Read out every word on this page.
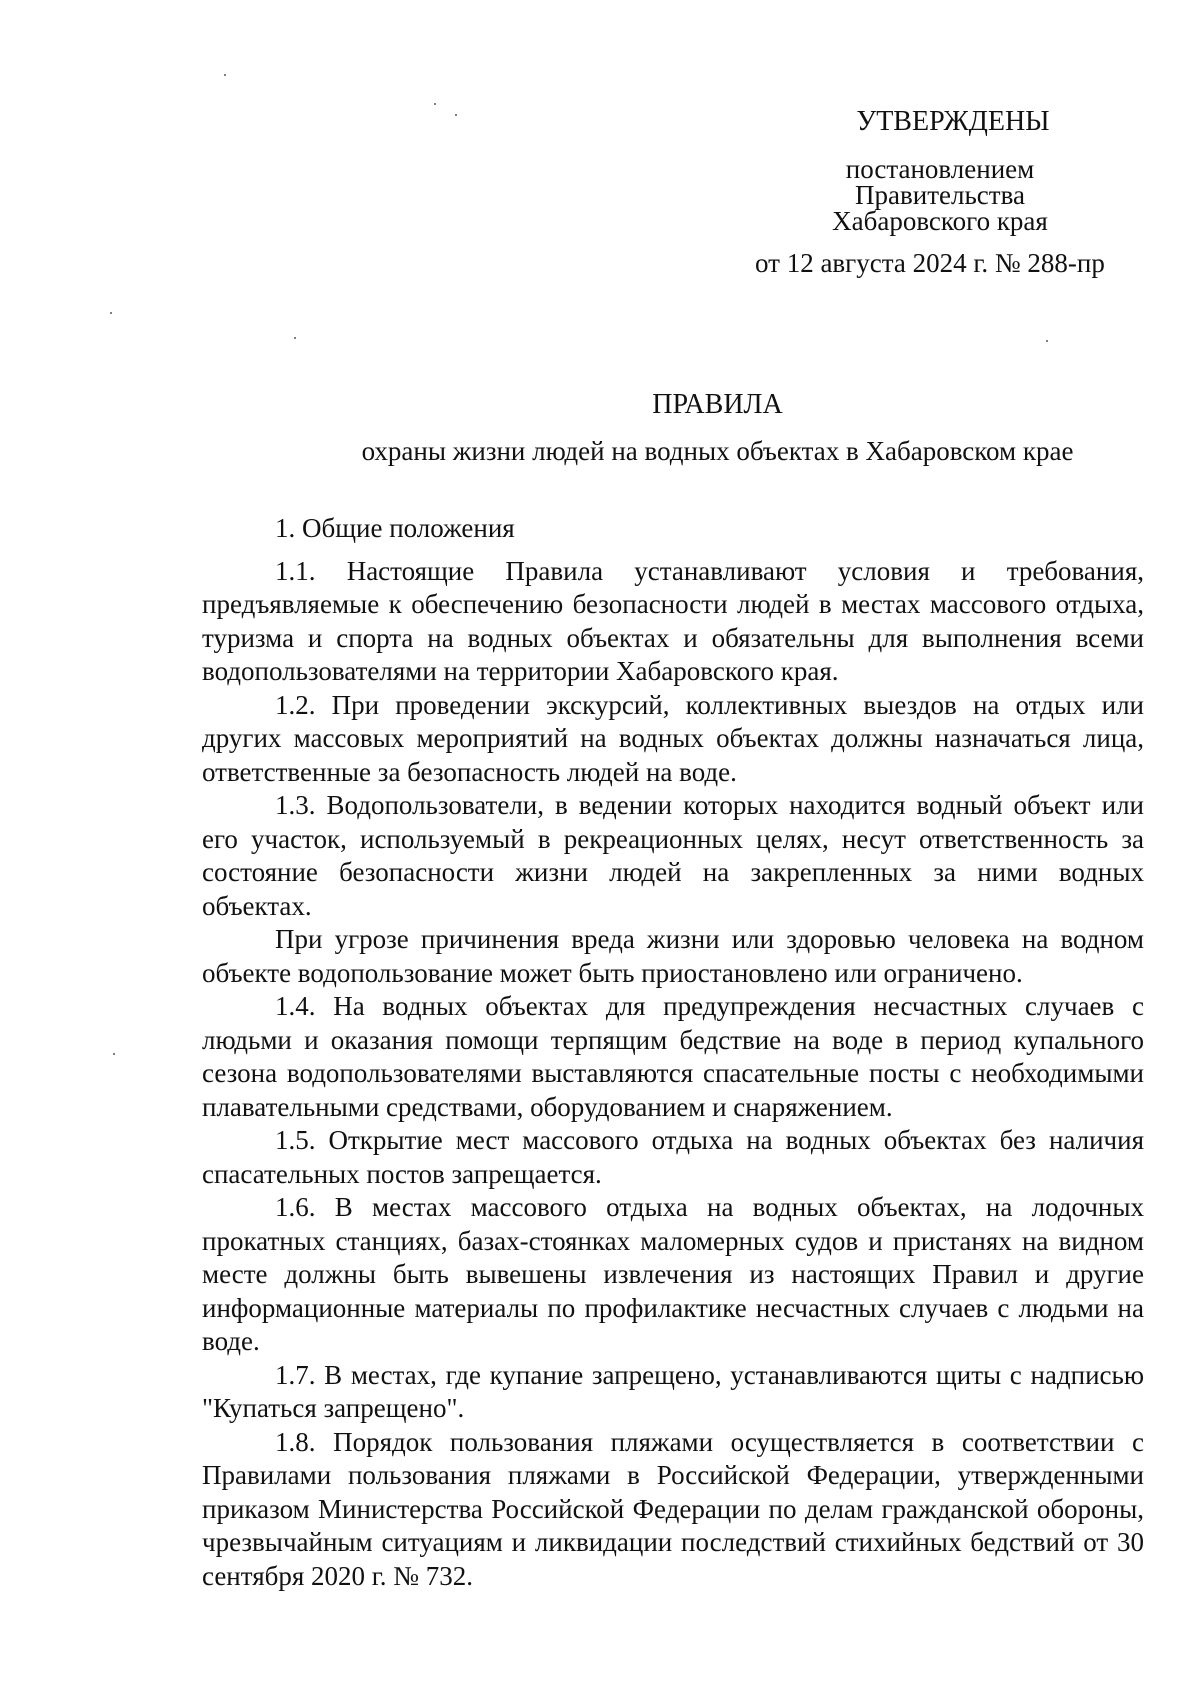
УТВЕРЖДЕНЫ
постановлением
Правительства
Хабаровского края
от 12 августа 2024 г. № 288-пр
ПРАВИЛА
охраны жизни людей на водных объектах в Хабаровском крае

1. Общие положения

1.1. Настоящие Правила устанавливают условия и требования, предъявляемые к обеспечению безопасности людей в местах массового отдыха, туризма и спорта на водных объектах и обязательны для выполнения всеми водопользователями на территории Хабаровского края.

1.2. При проведении экскурсий, коллективных выездов на отдых или других массовых мероприятий на водных объектах должны назначаться лица, ответственные за безопасность людей на воде.

1.3. Водопользователи, в ведении которых находится водный объект или его участок, используемый в рекреационных целях, несут ответственность за состояние безопасности жизни людей на закрепленных за ними водных объектах.

При угрозе причинения вреда жизни или здоровью человека на водном объекте водопользование может быть приостановлено или ограничено.

1.4. На водных объектах для предупреждения несчастных случаев с людьми и оказания помощи терпящим бедствие на воде в период купального сезона водопользователями выставляются спасательные посты с необходимыми плавательными средствами, оборудованием и снаряжением.

1.5. Открытие мест массового отдыха на водных объектах без наличия спасательных постов запрещается.

1.6. В местах массового отдыха на водных объектах, на лодочных прокатных станциях, базах-стоянках маломерных судов и пристанях на видном месте должны быть вывешены извлечения из настоящих Правил и другие информационные материалы по профилактике несчастных случаев с людьми на воде.

1.7. В местах, где купание запрещено, устанавливаются щиты с надписью "Купаться запрещено".

1.8. Порядок пользования пляжами осуществляется в соответствии с Правилами пользования пляжами в Российской Федерации, утвержденными приказом Министерства Российской Федерации по делам гражданской обороны, чрезвычайным ситуациям и ликвидации последствий стихийных бедствий от 30 сентября 2020 г. № 732.
